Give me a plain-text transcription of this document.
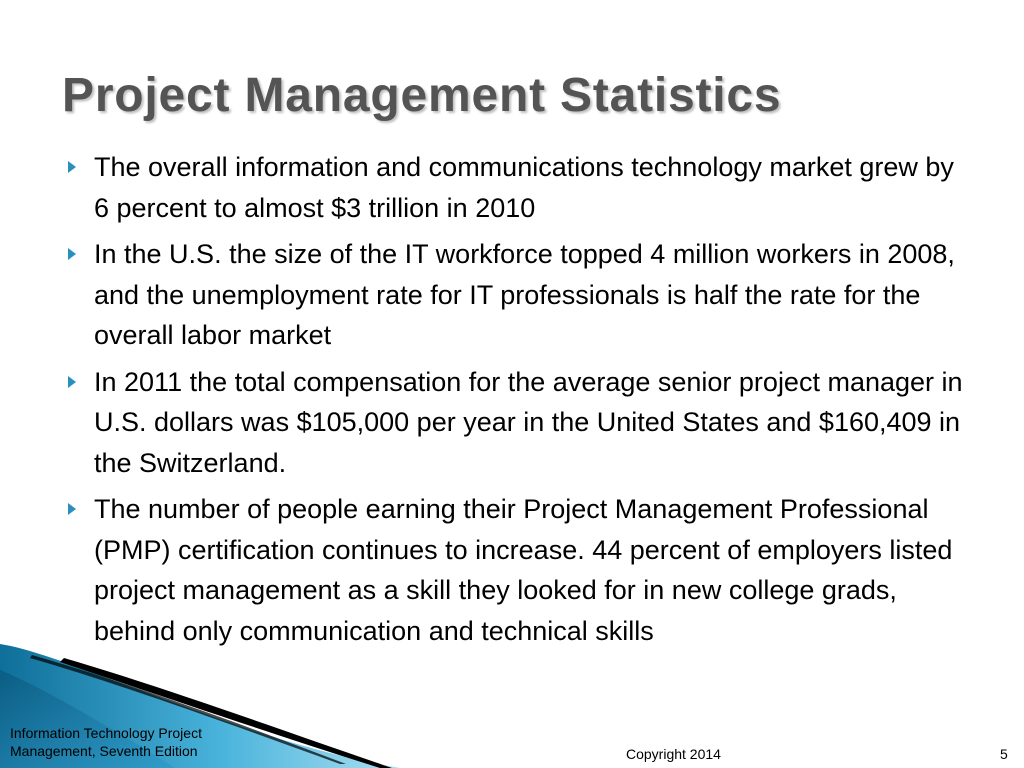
Project Management Statistics
The overall information and communications technology market grew by 6 percent to almost $3 trillion in 2010
In the U.S. the size of the IT workforce topped 4 million workers in 2008, and the unemployment rate for IT professionals is half the rate for the overall labor market
In 2011 the total compensation for the average senior project manager in U.S. dollars was $105,000 per year in the United States and $160,409 in the Switzerland.
The number of people earning their Project Management Professional (PMP) certification continues to increase. 44 percent of employers listed project management as a skill they looked for in new college grads, behind only communication and technical skills
Information Technology Project
Management, Seventh Edition	Copyright 2014	5
